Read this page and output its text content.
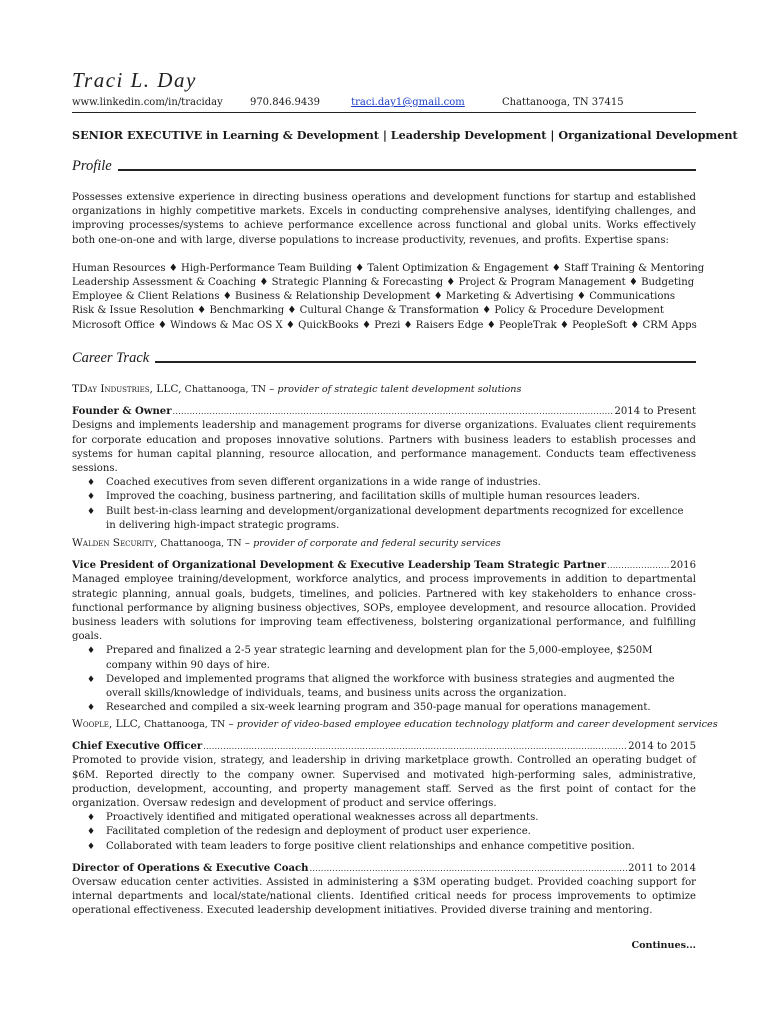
Traci L. Day
www.linkedin.com/in/traciday	970.846.9439	traci.day1@gmail.com	Chattanooga, TN 37415
SENIOR EXECUTIVE in Learning & Development | Leadership Development | Organizational Development
Profile

Possesses extensive experience in directing business operations and development functions for startup and established organizations in highly competitive markets. Excels in conducting comprehensive analyses, identifying challenges, and improving processes/systems to achieve performance excellence across functional and global units. Works effectively both one-on-one and with large, diverse populations to increase productivity, revenues, and profits. Expertise spans:

Human Resources ♦ High-Performance Team Building ♦ Talent Optimization & Engagement ♦ Staff Training & Mentoring
Leadership Assessment & Coaching ♦ Strategic Planning & Forecasting ♦ Project & Program Management ♦ Budgeting
Employee & Client Relations ♦ Business & Relationship Development ♦ Marketing & Advertising ♦ Communications
Risk & Issue Resolution ♦ Benchmarking ♦ Cultural Change & Transformation ♦ Policy & Procedure Development
Microsoft Office ♦ Windows & Mac OS X ♦ QuickBooks ♦ Prezi ♦ Raisers Edge ♦ PeopleTrak ♦ PeopleSoft ♦ CRM Apps
Career Track
TDay Industries, LLC, Chattanooga, TN – provider of strategic talent development solutions
Founder & Owner .....	2014 to Present

Designs and implements leadership and management programs for diverse organizations. Evaluates client requirements for corporate education and proposes innovative solutions. Partners with business leaders to establish processes and systems for human capital planning, resource allocation, and performance management. Conducts team effectiveness sessions.

♦ Coached executives from seven different organizations in a wide range of industries.
♦ Improved the coaching, business partnering, and facilitation skills of multiple human resources leaders.
♦ Built best-in-class learning and development/organizational development departments recognized for excellence in delivering high-impact strategic programs.
Walden Security, Chattanooga, TN – provider of corporate and federal security services
Vice President of Organizational Development & Executive Leadership Team Strategic Partner .....	2016

Managed employee training/development, workforce analytics, and process improvements in addition to departmental strategic planning, annual goals, budgets, timelines, and policies. Partnered with key stakeholders to enhance cross-functional performance by aligning business objectives, SOPs, employee development, and resource allocation. Provided business leaders with solutions for improving team effectiveness, bolstering organizational performance, and fulfilling goals.

♦ Prepared and finalized a 2-5 year strategic learning and development plan for the 5,000-employee, $250M company within 90 days of hire.
♦ Developed and implemented programs that aligned the workforce with business strategies and augmented the overall skills/knowledge of individuals, teams, and business units across the organization.
♦ Researched and compiled a six-week learning program and 350-page manual for operations management.
Woople, LLC, Chattanooga, TN – provider of video-based employee education technology platform and career development services
Chief Executive Officer .....	2014 to 2015

Promoted to provide vision, strategy, and leadership in driving marketplace growth. Controlled an operating budget of $6M. Reported directly to the company owner. Supervised and motivated high-performing sales, administrative, production, development, accounting, and property management staff. Served as the first point of contact for the organization. Oversaw redesign and development of product and service offerings.

♦ Proactively identified and mitigated operational weaknesses across all departments.
♦ Facilitated completion of the redesign and deployment of product user experience.
♦ Collaborated with team leaders to forge positive client relationships and enhance competitive position.
Director of Operations & Executive Coach .....	2011 to 2014

Oversaw education center activities. Assisted in administering a $3M operating budget. Provided coaching support for internal departments and local/state/national clients. Identified critical needs for process improvements to optimize operational effectiveness. Executed leadership development initiatives. Provided diverse training and mentoring.

Continues...
